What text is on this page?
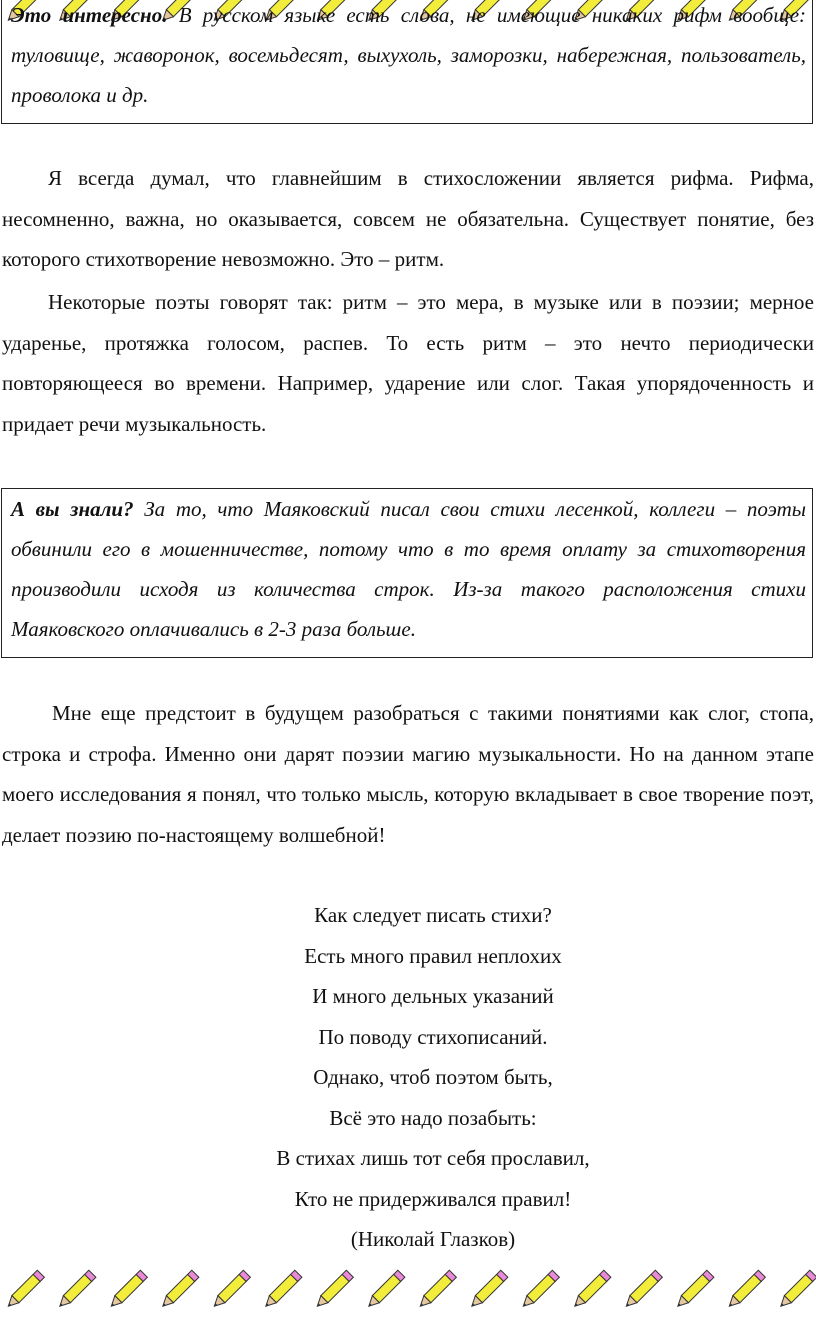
Это интересно. В русском языке есть слова, не имеющие никаких рифм вообще: туловище, жаворонок, восемьдесят, выхухоль, заморозки, набережная, пользователь, проволока и др.

Я всегда думал, что главнейшим в стихосложении является рифма. Рифма, несомненно, важна, но оказывается, совсем не обязательна. Существует понятие, без которого стихотворение невозможно. Это – ритм.

Некоторые поэты говорят так: ритм – это мера, в музыке или в поэзии; мерное ударенье, протяжка голосом, распев. То есть ритм – это нечто периодически повторяющееся во времени. Например, ударение или слог. Такая упорядоченность и придает речи музыкальность.

А вы знали? За то, что Маяковский писал свои стихи лесенкой, коллеги – поэты обвинили его в мошенничестве, потому что в то время оплату за стихотворения производили исходя из количества строк. Из-за такого расположения стихи Маяковского оплачивались в 2-3 раза больше.

Мне еще предстоит в будущем разобраться с такими понятиями как слог, стопа, строка и строфа. Именно они дарят поэзии магию музыкальности. Но на данном этапе моего исследования я понял, что только мысль, которую вкладывает в свое творение поэт, делает поэзию по-настоящему волшебной!

Как следует писать стихи?
Есть много правил неплохих
И много дельных указаний
По поводу стихописаний.
Однако, чтоб поэтом быть,
Всё это надо позабыть:
В стихах лишь тот себя прославил,
Кто не придерживался правил!
(Николай Глазков)
